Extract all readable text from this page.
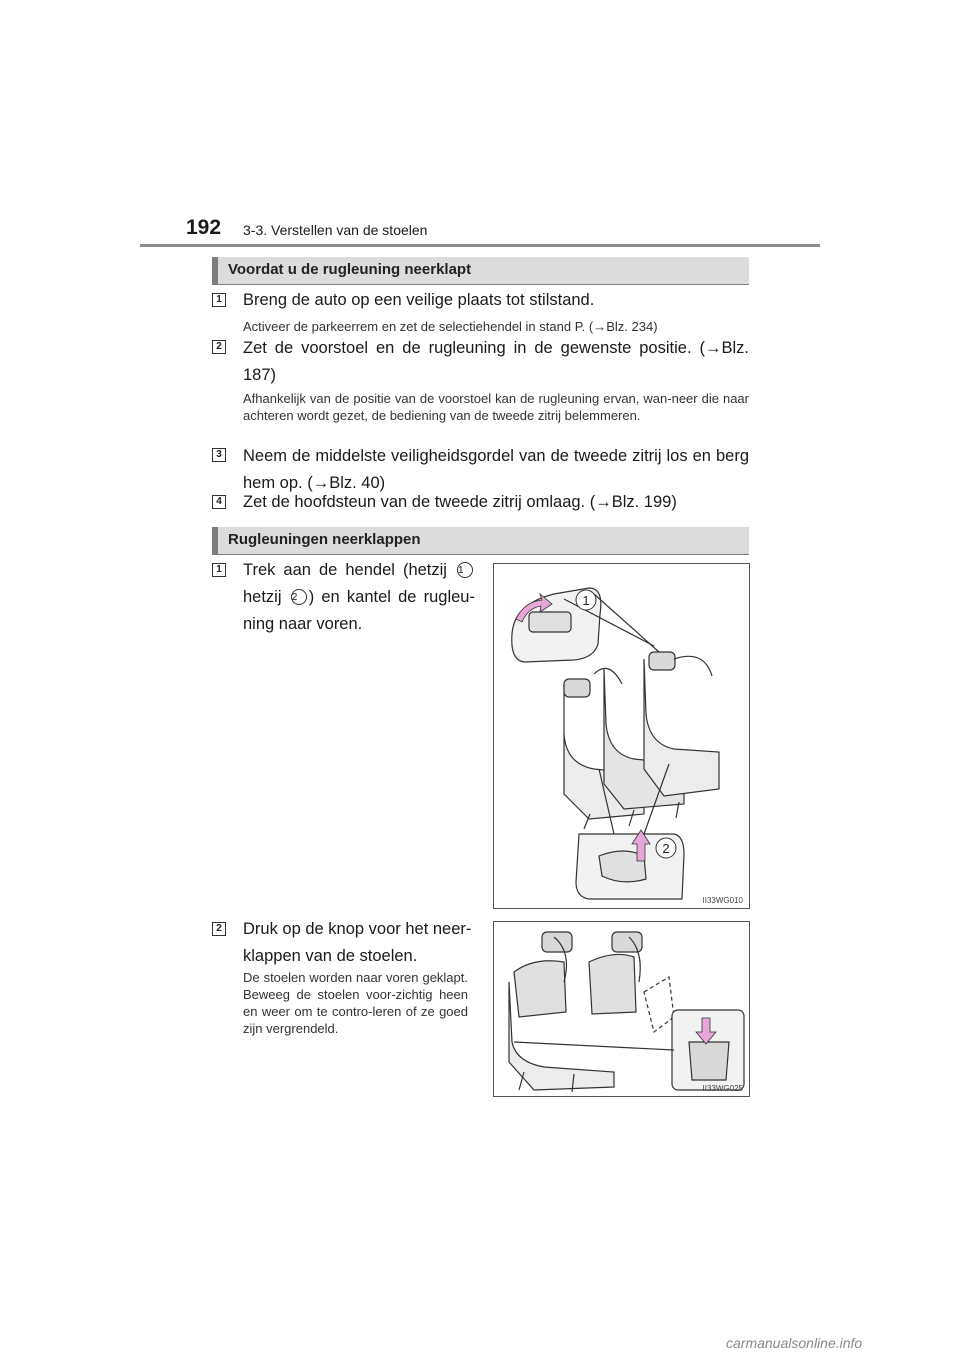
192 3-3. Verstellen van de stoelen
Voordat u de rugleuning neerklapt
1 Breng de auto op een veilige plaats tot stilstand.
Activeer de parkeerrem en zet de selectiehendel in stand P. (→Blz. 234)
2 Zet de voorstoel en de rugleuning in de gewenste positie. (→Blz. 187)
Afhankelijk van de positie van de voorstoel kan de rugleuning ervan, wan-neer die naar achteren wordt gezet, de bediening van de tweede zitrij belemmeren.
3 Neem de middelste veiligheidsgordel van de tweede zitrij los en berg hem op. (→Blz. 40)
4 Zet de hoofdsteun van de tweede zitrij omlaag. (→Blz. 199)
Rugleuningen neerklappen
1 Trek aan de hendel (hetzij 1 hetzij 2 ) en kantel de rugleu-ning naar voren.
1
2
II33WG010
2 Druk op de knop voor het neer-klappen van de stoelen.
De stoelen worden naar voren geklapt. Beweeg de stoelen voor-zichtig heen en weer om te contro-leren of ze goed zijn vergrendeld.
II33WG025
carmanualsonline.info
